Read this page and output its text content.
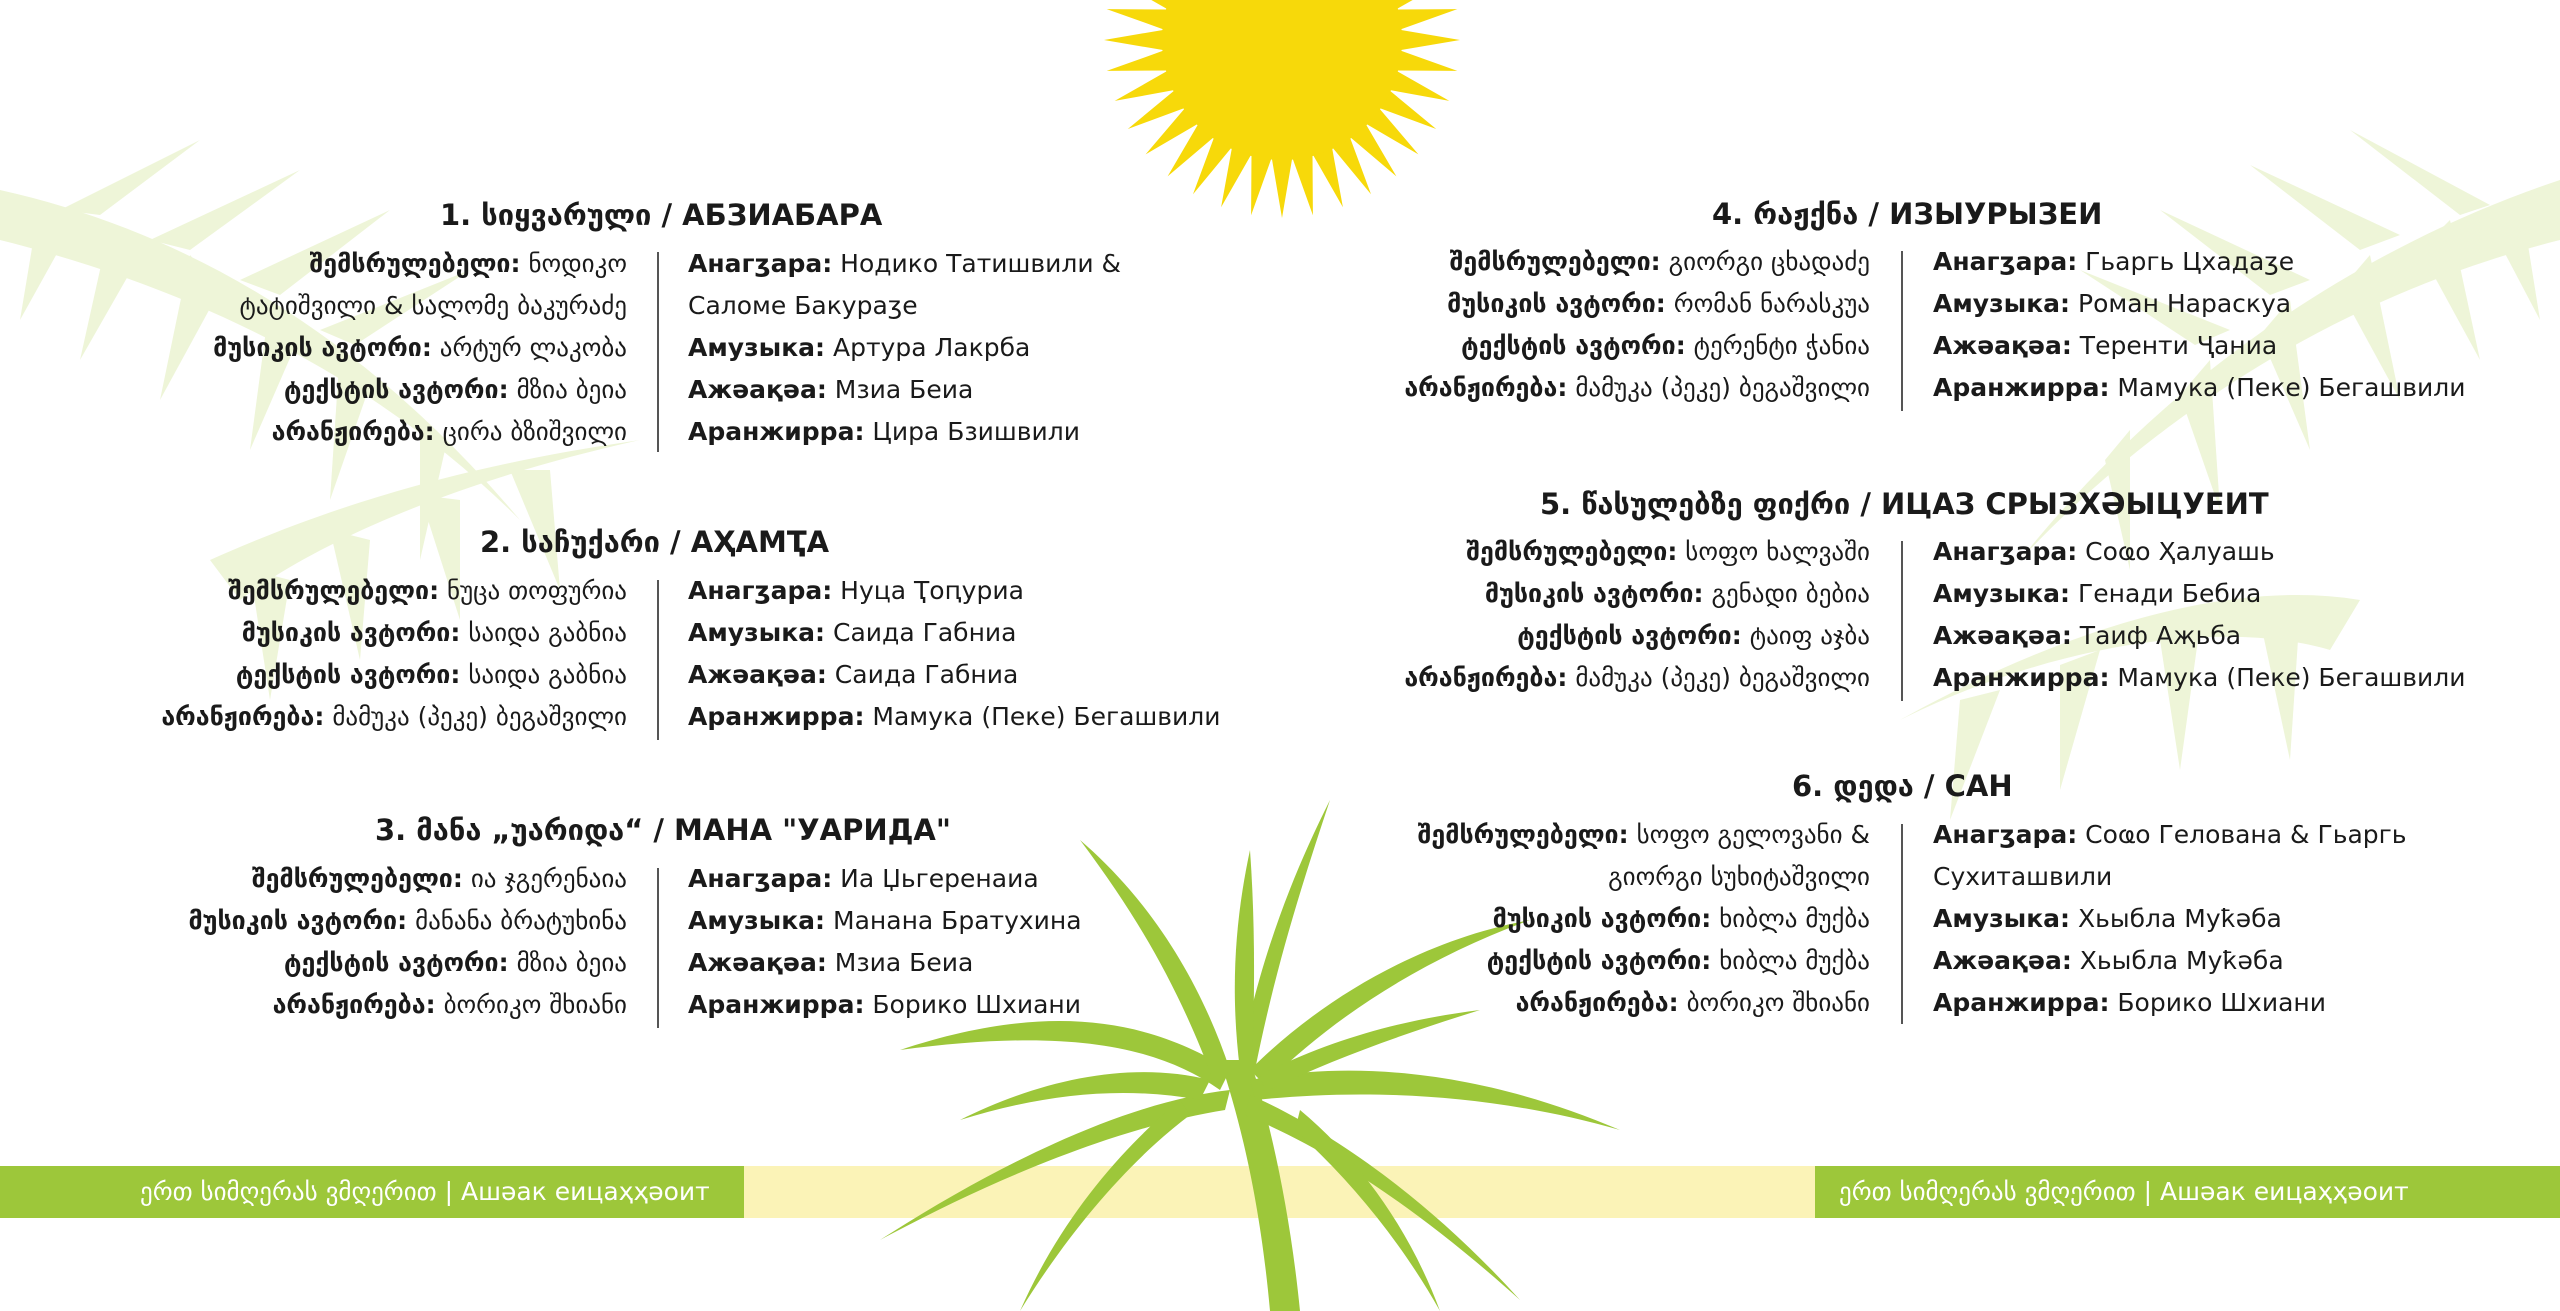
ერთ სიმღერას ვმღერით | Ашәак еицаҳҳәоит	ერთ სიმღერას ვმღერით | Ашәак еицаҳҳәоит
1. სიყვარული / АБЗИАБАРА
შემსრულებელი: ნოდიკო
ტატიშვილი & სალომე ბაკურაძე
მუსიკის ავტორი: არტურ ლაკობა
ტექსტის ავტორი: მზია ბეია
არანჟირება: ცირა ბზიშვილი
Анагӡара: Нодико Татишвили &
Саломе Бакураӡе
Амузыка: Артура Лакрба
Ажәақәа: Мзиа Беиа
Аранжирра: Цира Бзишвили
2. საჩუქარი / АҲАМҬА
შემსრულებელი: ნუცა თოფურია
მუსიკის ავტორი: საიდა გაბნია
ტექსტის ავტორი: საიდა გაბნია
არანჟირება: მამუკა (პეკე) ბეგაშვილი
Анагӡара: Нуца Ҭоԥуриа
Амузыка: Саида Габниа
Ажәақәа: Саида Габниа
Аранжирра: Мамука (Пеке) Бегашвили
3. მანა „უარიდა“ / МАНА "УАРИДА"
შემსრულებელი: ია ჯგერენაია
მუსიკის ავტორი: მანანა ბრატუხინა
ტექსტის ავტორი: მზია ბეია
არანჟირება: ბორიკო შხიანი
Анагӡара: Иа Џьгеренаиа
Амузыка: Манана Братухина
Ажәақәа: Мзиа Беиа
Аранжирра: Борико Шхиани
4. რაჟქნა / ИЗЫУРЫЗЕИ
შემსრულებელი: გიორგი ცხადაძე
მუსიკის ავტორი: რომან ნარასკუა
ტექსტის ავტორი: ტერენტი ჭანია
არანჟირება: მამუკა (პეკე) ბეგაშვილი
Анагӡара: Гьаргь Цхадаӡе
Амузыка: Роман Нараскуа
Ажәақәа: Теренти Ҷаниа
Аранжирра: Мамука (Пеке) Бегашвили
5. წასულებზე ფიქრი / ИЦАЗ СРЫЗХӘЫЦУЕИТ
შემსრულებელი: სოფო ხალვაში
მუსიკის ავტორი: გენადი ბებია
ტექსტის ავტორი: ტაიფ აჯბა
არანჟირება: მამუკა (პეკე) ბეგაშვილი
Анагӡара: Соҩо Ҳалуашь
Амузыка: Генади Бебиа
Ажәақәа: Таиф Аҗьба
Аранжирра: Мамука (Пеке) Бегашвили
6. დედა / САН
შემსრულებელი: სოფო გელოვანი &
გიორგი სუხიტაშვილი
მუსიკის ავტორი: ხიბლა მუქბა
ტექსტის ავტორი: ხიბლა მუქბა
არანჟირება: ბორიკო შხიანი
Анагӡара: Соҩо Гелована & Гьаргь
Сухиташвили
Амузыка: Хьыбла Муҟәба
Ажәақәа: Хьыбла Муҟәба
Аранжирра: Борико Шхиани
